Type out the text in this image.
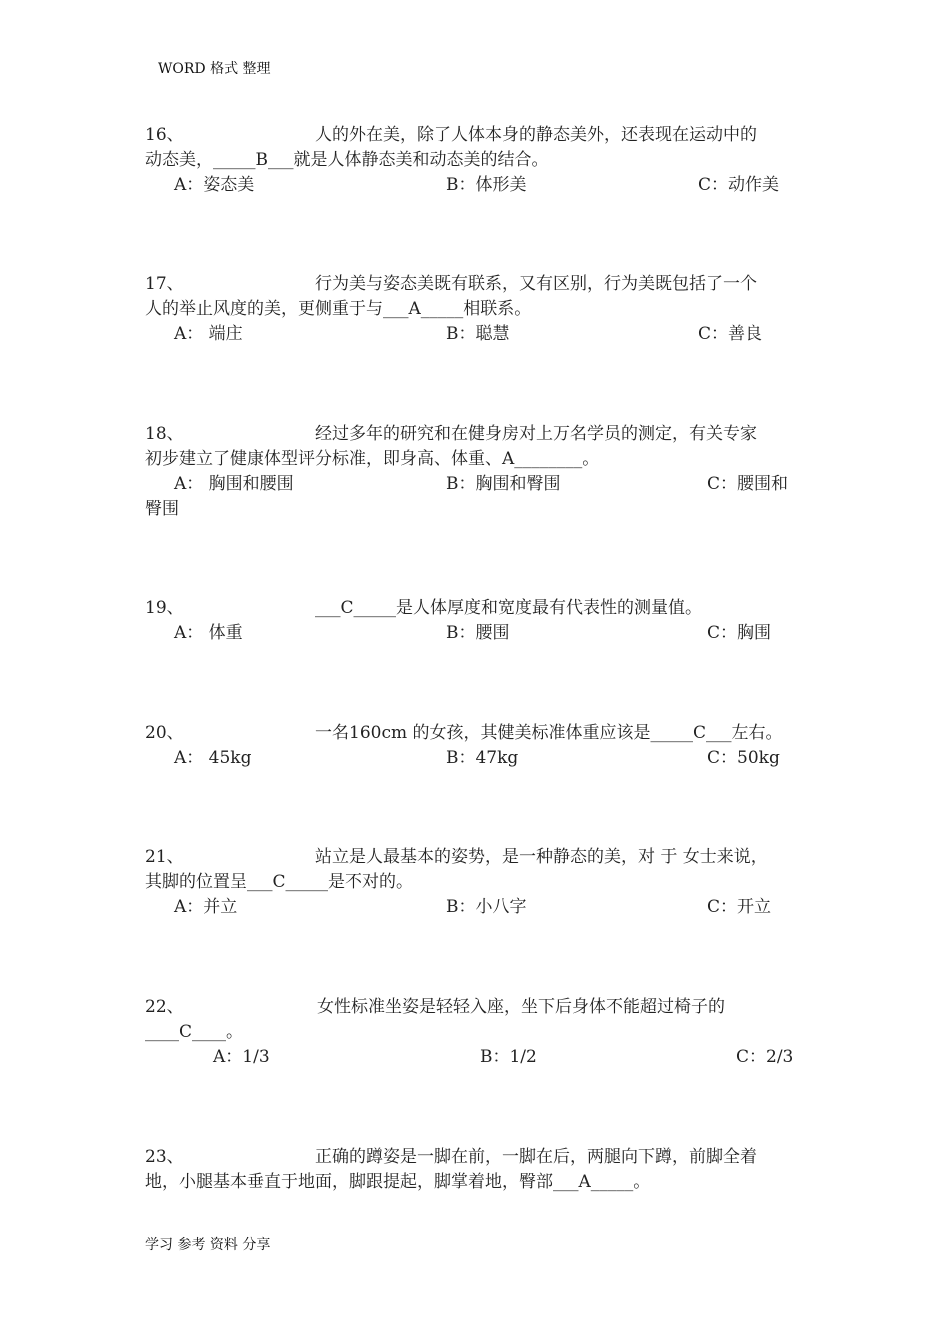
WORD 格式 整理
16、	人的外在美，除了人体本身的静态美外，还表现在运动中的
动态美，_____B___就是人体静态美和动态美的结合。
A：姿态美	B：体形美	C：动作美
17、	行为美与姿态美既有联系，又有区别，行为美既包括了一个
人的举止风度的美，更侧重于与___A_____相联系。
A： 端庄	B：聪慧	C：善良
18、	经过多年的研究和在健身房对上万名学员的测定，有关专家
初步建立了健康体型评分标准，即身高、体重、A________。
A： 胸围和腰围	B：胸围和臀围	C：腰围和
臀围
19、	___C_____是人体厚度和宽度最有代表性的测量值。
A： 体重	B：腰围	C：胸围
20、	一名160cm 的女孩，其健美标准体重应该是_____C___左右。
A： 45kg	B：47kg	C：50kg
21、	站立是人最基本的姿势，是一种静态的美，对 于 女士来说，
其脚的位置呈___C_____是不对的。
A：并立	B：小八字	C：开立
22、	女性标准坐姿是轻轻入座，坐下后身体不能超过椅子的
____C____。
A：1/3	B：1/2	C：2/3
23、	正确的蹲姿是一脚在前，一脚在后，两腿向下蹲，前脚全着
地，小腿基本垂直于地面，脚跟提起，脚掌着地，臀部___A_____。
学习 参考 资料 分享
